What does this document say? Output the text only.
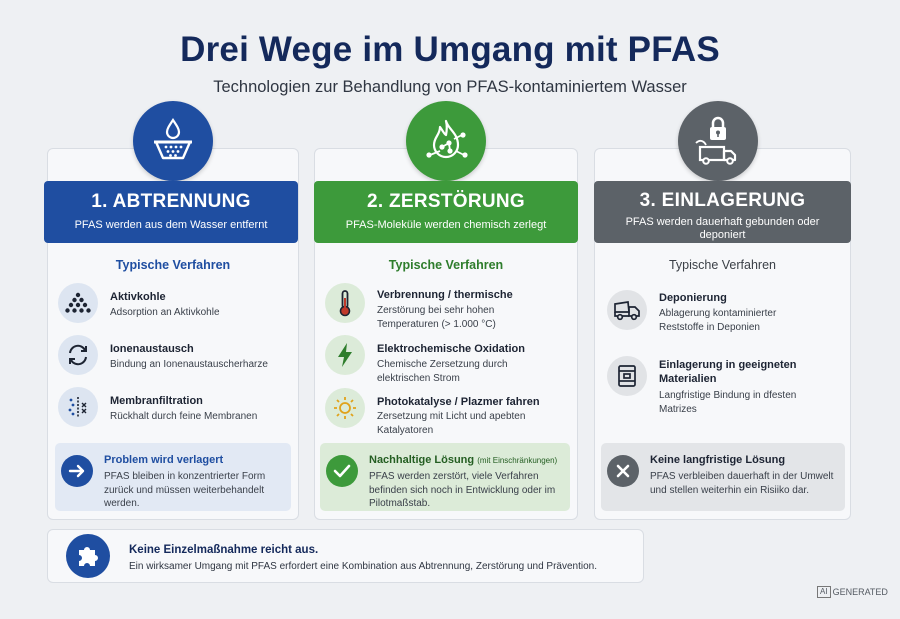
Drei Wege im Umgang mit PFAS
Technologien zur Behandlung von PFAS-kontaminiertem Wasser
1. ABTRENNUNG
PFAS werden aus dem Wasser entfernt
2. ZERSTÖRUNG
PFAS-Moleküle werden chemisch zerlegt
3. EINLAGERUNG
PFAS werden dauerhaft gebunden oder deponiert
Typische Verfahren	Typische Verfahren	Typische Verfahren
Aktivkohle
Adsorption an Aktivkohle
Ionenaustausch
Bindung an Ionenaustauscherharze
Membranfiltration
Rückhalt durch feine Membranen
Verbrennung / thermische
Zerstörung bei sehr hohen Temperaturen (> 1.000 °C)
Elektrochemische Oxidation
Chemische Zersetzung durch elektrischen Strom
Photokatalyse / Plazmer fahren
Zersetzung mit Licht und apebten Katalyatoren
Deponierung
Ablagerung kontaminierter Reststoffe in Deponien
Einlagerung in geeigneten Materialien
Langfristige Bindung in dfesten Matrizes
Problem wird verlagert
PFAS bleiben in konzentrierter Form zurück und müssen weiterbehandelt werden.
Nachhaltige Lösung (mit Einschränkungen)
PFAS werden zerstört, viele Verfahren befinden sich noch in Entwicklung oder im Pilotmaßstab.
Keine langfristige Lösung
PFAS verbleiben dauerhaft in der Umwelt und stellen weiterhin ein Risiiko dar.
Keine Einzelmaßnahme reicht aus.
Ein wirksamer Umgang mit PFAS erfordert eine Kombination aus Abtrennung, Zerstörung und Prävention.
AI GENERATED
